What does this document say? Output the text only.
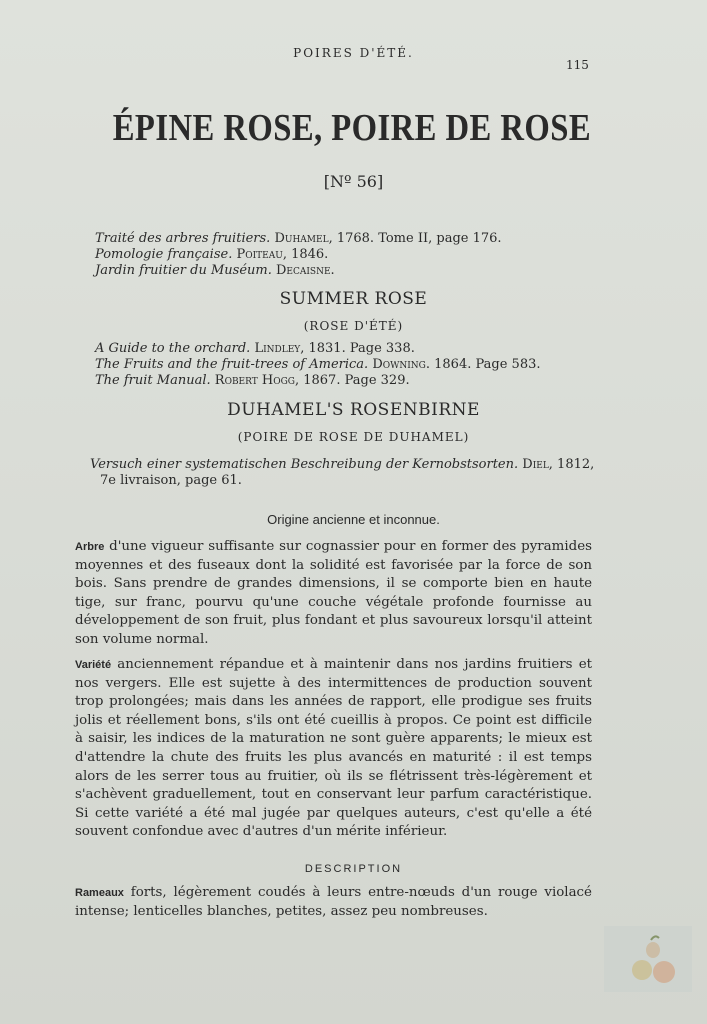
POIRES D'ÉTÉ.
115
ÉPINE ROSE, POIRE DE ROSE
[Nº 56]
Traité des arbres fruitiers. Duhamel, 1768. Tome II, page 176.
Pomologie française. Poiteau, 1846.
Jardin fruitier du Muséum. Decaisne.
SUMMER ROSE
(ROSE D'ÉTÉ)
A Guide to the orchard. Lindley, 1831. Page 338.
The Fruits and the fruit-trees of America. Downing. 1864. Page 583.
The fruit Manual. Robert Hogg, 1867. Page 329.
DUHAMEL'S ROSENBIRNE
(POIRE DE ROSE DE DUHAMEL)
Versuch einer systematischen Beschreibung der Kernobstsorten. Diel, 1812,
7e livraison, page 61.
Origine ancienne et inconnue.
Arbre d'une vigueur suffisante sur cognassier pour en former des pyramides moyennes et des fuseaux dont la solidité est favorisée par la force de son bois. Sans prendre de grandes dimensions, il se comporte bien en haute tige, sur franc, pourvu qu'une couche végétale profonde fournisse au développement de son fruit, plus fondant et plus savoureux lorsqu'il atteint son volume normal.
Variété anciennement répandue et à maintenir dans nos jardins fruitiers et nos vergers. Elle est sujette à des intermittences de production souvent trop prolongées; mais dans les années de rapport, elle prodigue ses fruits jolis et réellement bons, s'ils ont été cueillis à propos. Ce point est difficile à saisir, les indices de la maturation ne sont guère apparents; le mieux est d'attendre la chute des fruits les plus avancés en maturité : il est temps alors de les serrer tous au fruitier, où ils se flétrissent très-légèrement et s'achèvent graduellement, tout en conservant leur parfum caractéristique. Si cette variété a été mal jugée par quelques auteurs, c'est qu'elle a été souvent confondue avec d'autres d'un mérite inférieur.
DESCRIPTION
Rameaux forts, légèrement coudés à leurs entre-nœuds d'un rouge violacé intense; lenticelles blanches, petites, assez peu nombreuses.
